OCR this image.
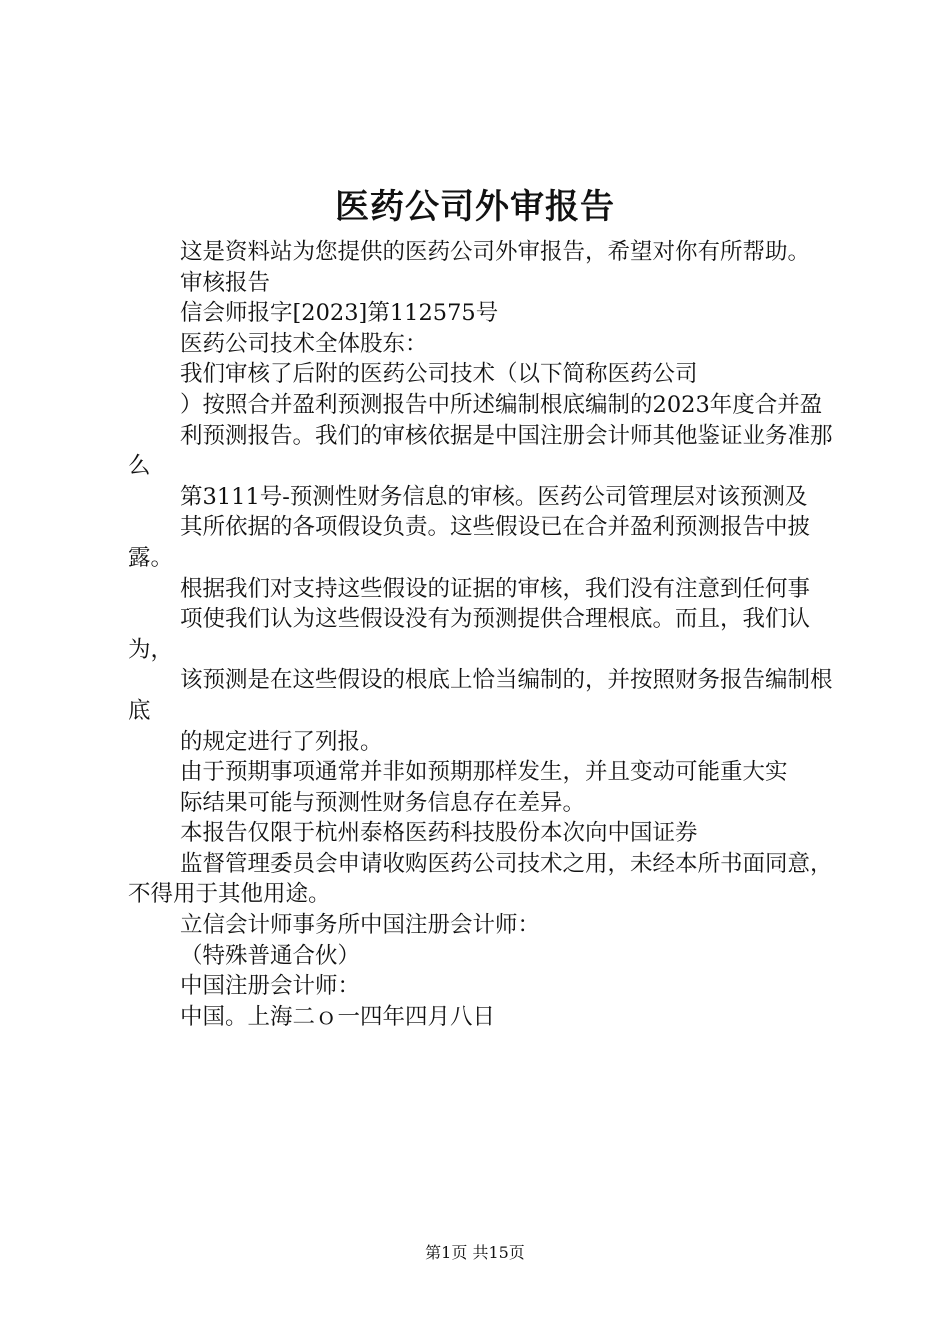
医药公司外审报告

这是资料站为您提供的医药公司外审报告，希望对你有所帮助。

审核报告

信会师报字[2023]第112575号

医药公司技术全体股东：

我们审核了后附的医药公司技术（以下简称医药公司

）按照合并盈利预测报告中所述编制根底编制的2023年度合并盈

利预测报告。我们的审核依据是中国注册会计师其他鉴证业务准那么

第3111号-预测性财务信息的审核。医药公司管理层对该预测及

其所依据的各项假设负责。这些假设已在合并盈利预测报告中披露。

根据我们对支持这些假设的证据的审核，我们没有注意到任何事

项使我们认为这些假设没有为预测提供合理根底。而且，我们认为，

该预测是在这些假设的根底上恰当编制的，并按照财务报告编制根底

的规定进行了列报。

由于预期事项通常并非如预期那样发生，并且变动可能重大实

际结果可能与预测性财务信息存在差异。

本报告仅限于杭州泰格医药科技股份本次向中国证券

监督管理委员会申请收购医药公司技术之用，未经本所书面同意，不得用于其他用途。

立信会计师事务所中国注册会计师：

（特殊普通合伙）

中国注册会计师：

中国。上海二ｏ一四年四月八日

第1页 共15页
